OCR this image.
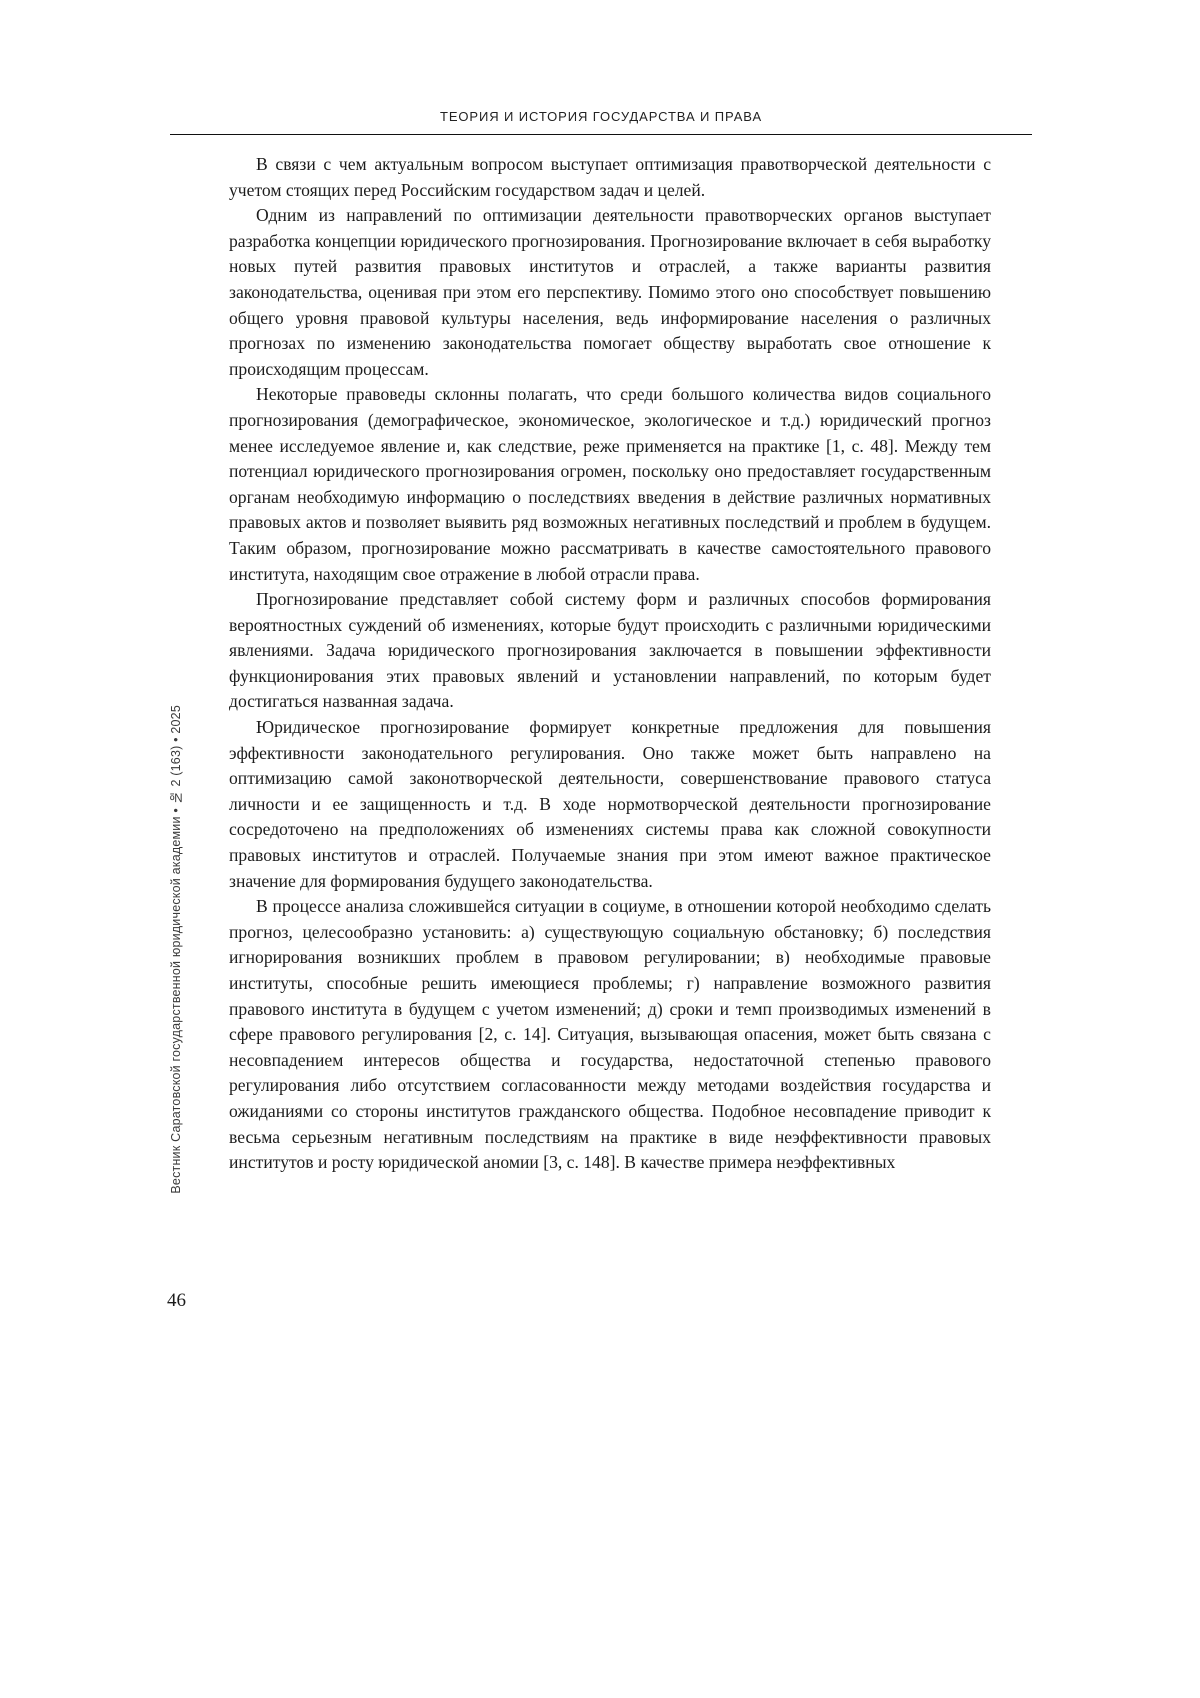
ТЕОРИЯ И ИСТОРИЯ ГОСУДАРСТВА И ПРАВА
Вестник Саратовской государственной юридической академии • № 2 (163) • 2025
46

В связи с чем актуальным вопросом выступает оптимизация правотворческой деятельности с учетом стоящих перед Российским государством задач и целей.

Одним из направлений по оптимизации деятельности правотворческих органов выступает разработка концепции юридического прогнозирования. Прогнозирование включает в себя выработку новых путей развития правовых институтов и отраслей, а также варианты развития законодательства, оценивая при этом его перспективу. Помимо этого оно способствует повышению общего уровня правовой культуры населения, ведь информирование населения о различных прогнозах по изменению законодательства помогает обществу выработать свое отношение к происходящим процессам.

Некоторые правоведы склонны полагать, что среди большого количества видов социального прогнозирования (демографическое, экономическое, экологическое и т.д.) юридический прогноз менее исследуемое явление и, как следствие, реже применяется на практике [1, с. 48]. Между тем потенциал юридического прогнозирования огромен, поскольку оно предоставляет государственным органам необходимую информацию о последствиях введения в действие различных нормативных правовых актов и позволяет выявить ряд возможных негативных последствий и проблем в будущем. Таким образом, прогнозирование можно рассматривать в качестве самостоятельного правового института, находящим свое отражение в любой отрасли права.

Прогнозирование представляет собой систему форм и различных способов формирования вероятностных суждений об изменениях, которые будут происходить с различными юридическими явлениями. Задача юридического прогнозирования заключается в повышении эффективности функционирования этих правовых явлений и установлении направлений, по которым будет достигаться названная задача.

Юридическое прогнозирование формирует конкретные предложения для повышения эффективности законодательного регулирования. Оно также может быть направлено на оптимизацию самой законотворческой деятельности, совершенствование правового статуса личности и ее защищенность и т.д. В ходе нормотворческой деятельности прогнозирование сосредоточено на предположениях об изменениях системы права как сложной совокупности правовых институтов и отраслей. Получаемые знания при этом имеют важное практическое значение для формирования будущего законодательства.

В процессе анализа сложившейся ситуации в социуме, в отношении которой необходимо сделать прогноз, целесообразно установить: а) существующую социальную обстановку; б) последствия игнорирования возникших проблем в правовом регулировании; в) необходимые правовые институты, способные решить имеющиеся проблемы; г) направление возможного развития правового института в будущем с учетом изменений; д) сроки и темп производимых изменений в сфере правового регулирования [2, с. 14]. Ситуация, вызывающая опасения, может быть связана с несовпадением интересов общества и государства, недостаточной степенью правового регулирования либо отсутствием согласованности между методами воздействия государства и ожиданиями со стороны институтов гражданского общества. Подобное несовпадение приводит к весьма серьезным негативным последствиям на практике в виде неэффективности правовых институтов и росту юридической аномии [3, с. 148]. В качестве примера неэффективных
